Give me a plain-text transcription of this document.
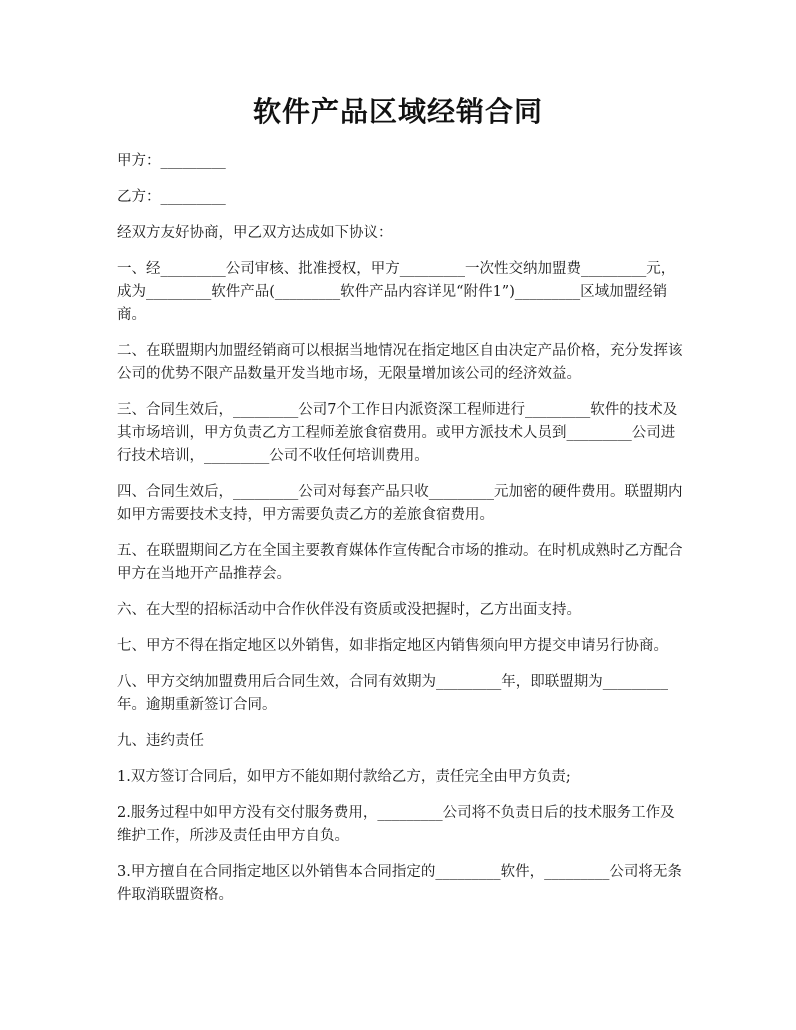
软件产品区域经销合同

甲方：_________

乙方：_________

经双方友好协商，甲乙双方达成如下协议：

一、经_________公司审核、批准授权，甲方_________一次性交纳加盟费_________元，成为_________软件产品(_________软件产品内容详见“附件1”)_________区域加盟经销商。

二、在联盟期内加盟经销商可以根据当地情况在指定地区自由决定产品价格，充分发挥该公司的优势不限产品数量开发当地市场，无限量增加该公司的经济效益。

三、合同生效后，_________公司7个工作日内派资深工程师进行_________软件的技术及其市场培训，甲方负责乙方工程师差旅食宿费用。或甲方派技术人员到_________公司进行技术培训，_________公司不收任何培训费用。

四、合同生效后，_________公司对每套产品只收_________元加密的硬件费用。联盟期内如甲方需要技术支持，甲方需要负责乙方的差旅食宿费用。

五、在联盟期间乙方在全国主要教育媒体作宣传配合市场的推动。在时机成熟时乙方配合 甲方在当地开产品推荐会。

六、在大型的招标活动中合作伙伴没有资质或没把握时，乙方出面支持。

七、甲方不得在指定地区以外销售，如非指定地区内销售须向甲方提交申请另行协商。

八、甲方交纳加盟费用后合同生效，合同有效期为_________年，即联盟期为_________年。逾期重新签订合同。

九、违约责任

1.双方签订合同后，如甲方不能如期付款给乙方，责任完全由甲方负责;

2.服务过程中如甲方没有交付服务费用，_________公司将不负责日后的技术服务工作及维护工作，所涉及责任由甲方自负。

3.甲方擅自在合同指定地区以外销售本合同指定的_________软件，_________公司将无条件取消联盟资格。
